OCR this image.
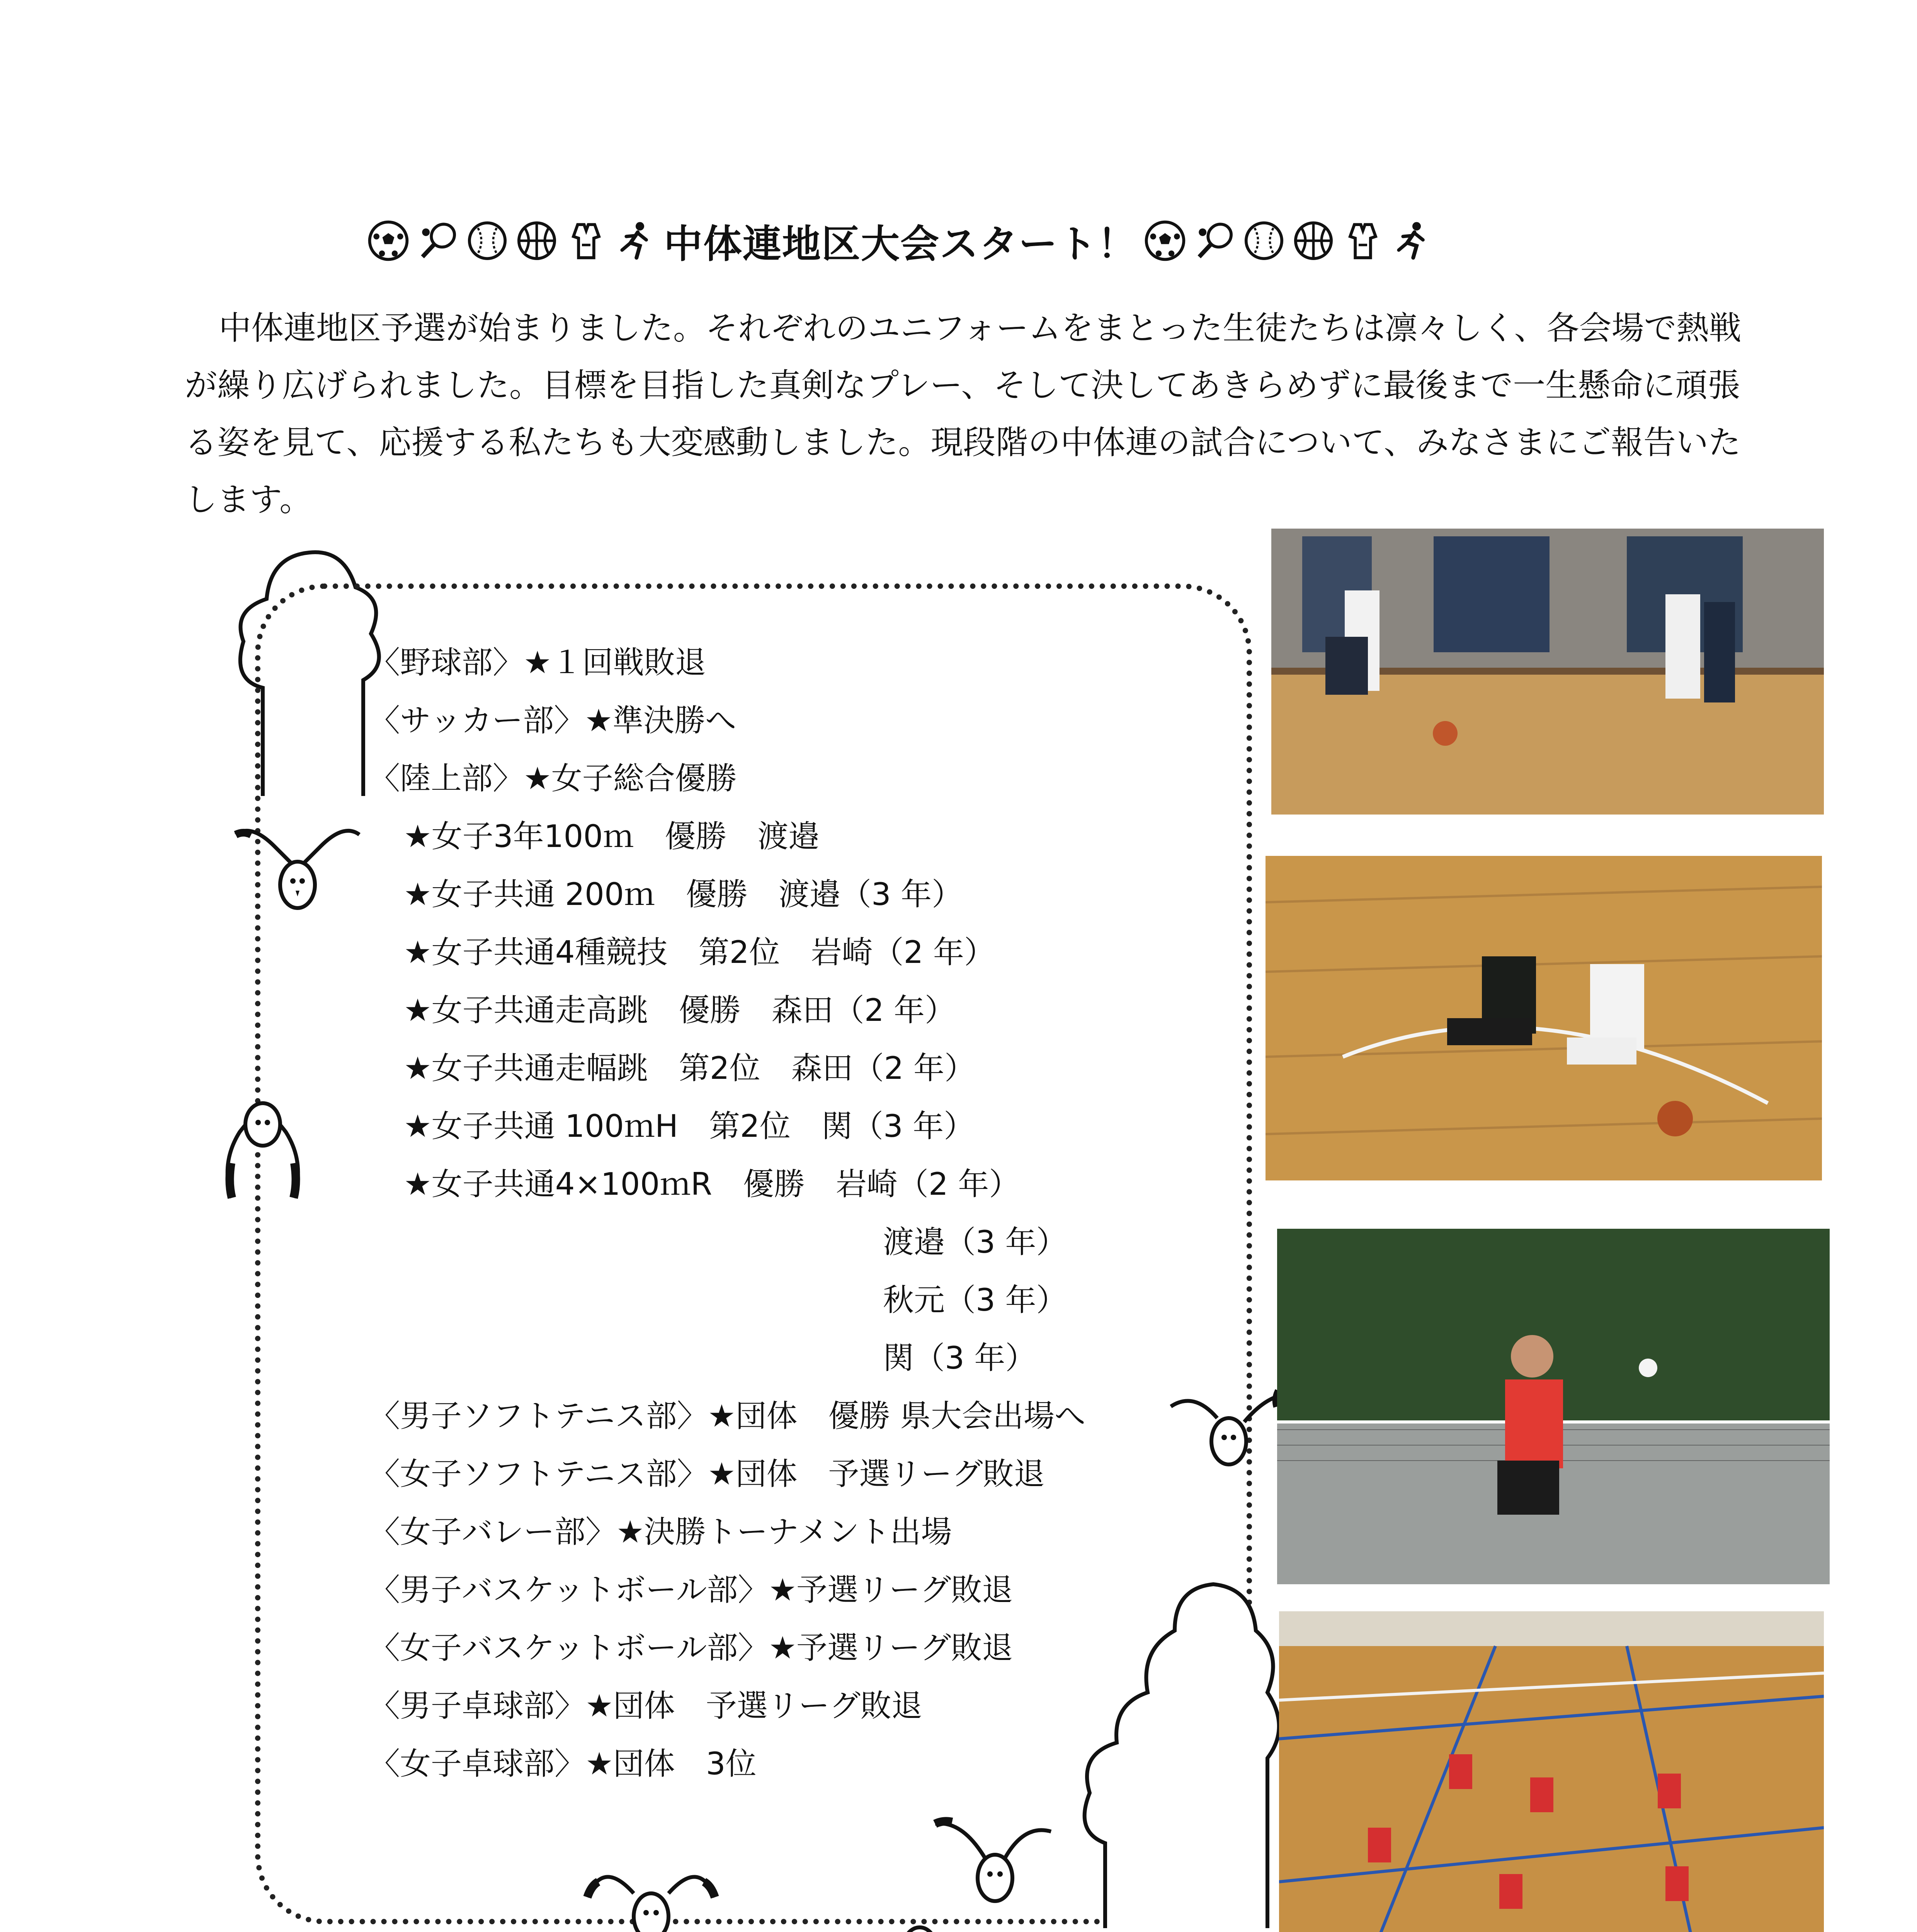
中体連地区大会スタート！
中体連地区予選が始まりました。それぞれのユニフォームをまとった生徒たちは凛々しく、各会場で熱戦が繰り広げられました。目標を目指した真剣なプレー、そして決してあきらめずに最後まで一生懸命に頑張る姿を見て、応援する私たちも大変感動しました。現段階の中体連の試合について、みなさまにご報告いたします。
〈野球部〉★１回戦敗退
〈サッカー部〉★準決勝へ
〈陸上部〉★女子総合優勝
★女子3年100ｍ　優勝　渡邉
★女子共通 200ｍ　優勝　渡邉（3 年）
★女子共通4種競技　第2位　岩崎（2 年）
★女子共通走高跳　優勝　森田（2 年）
★女子共通走幅跳　第2位　森田（2 年）
★女子共通 100ｍH　第2位　関（3 年）
★女子共通4×100ｍR　優勝　岩崎（2 年）
渡邉（3 年）
秋元（3 年）
関（3 年）
〈男子ソフトテニス部〉★団体　優勝 県大会出場へ
〈女子ソフトテニス部〉★団体　予選リーグ敗退
〈女子バレー部〉★決勝トーナメント出場
〈男子バスケットボール部〉★予選リーグ敗退
〈女子バスケットボール部〉★予選リーグ敗退
〈男子卓球部〉★団体　予選リーグ敗退
〈女子卓球部〉★団体　3位
